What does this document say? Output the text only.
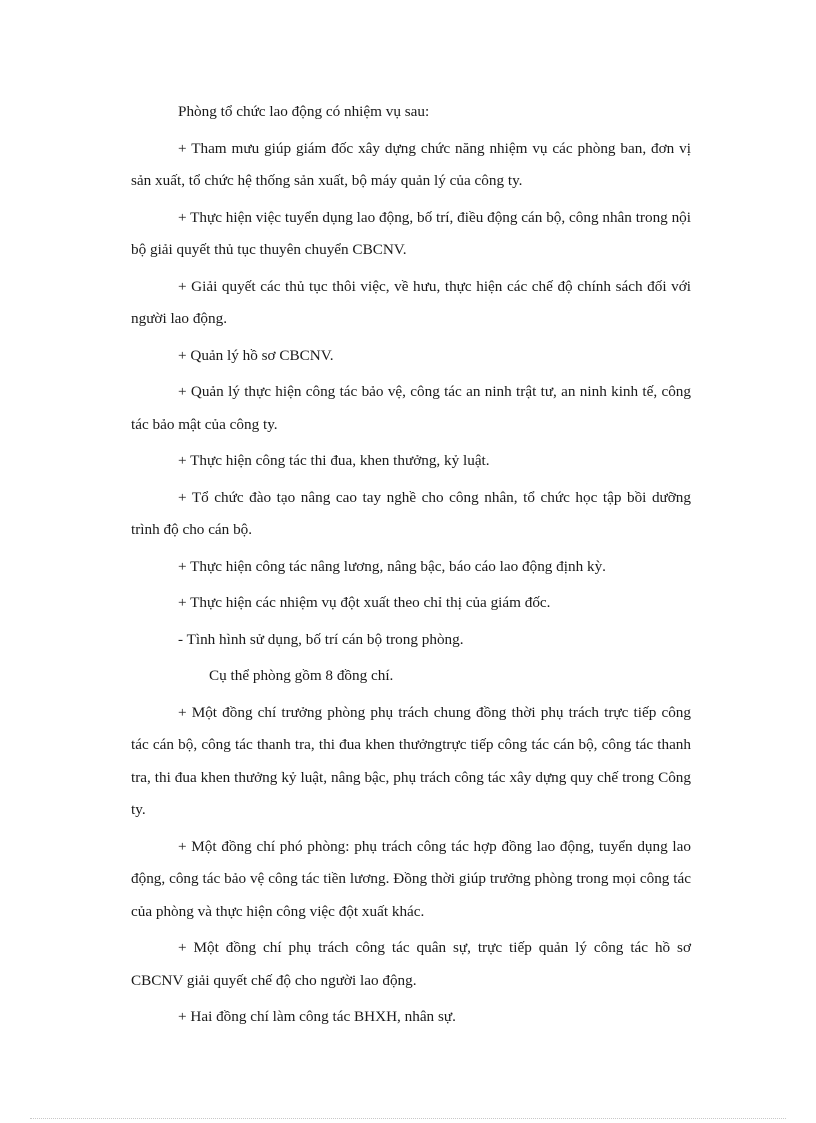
Phòng tổ chức lao động có nhiệm vụ sau:

+ Tham mưu giúp giám đốc xây dựng chức năng nhiệm vụ các phòng ban, đơn vị sản xuất, tổ chức hệ thống sản xuất, bộ máy quản lý của công ty.

+ Thực hiện việc tuyển dụng lao động, bố trí, điều động cán bộ, công nhân trong nội bộ giải quyết thủ tục thuyên chuyển CBCNV.

+ Giải quyết các thủ tục thôi việc, về hưu, thực hiện các chế độ chính sách đối với người lao động.

+ Quản lý hồ sơ CBCNV.

+ Quản lý thực hiện công tác bảo vệ, công tác an ninh trật tư, an ninh kinh tế, công tác bảo mật của công ty.

+ Thực hiện công tác thi đua, khen thưởng, kỷ luật.

+ Tổ chức đào tạo nâng cao tay nghề cho công nhân, tổ chức học tập bồi dưỡng trình độ cho cán bộ.

+ Thực hiện công tác nâng lương, nâng bậc, báo cáo lao động định kỳ.

+ Thực hiện các nhiệm vụ đột xuất theo chỉ thị của giám đốc.

- Tình hình sử dụng, bố trí cán bộ trong phòng.

Cụ thể phòng gồm 8 đồng chí.

+ Một đồng chí trưởng phòng phụ trách chung đồng thời phụ trách trực tiếp công tác cán bộ, công tác thanh tra, thi đua khen thưởngtrực tiếp công tác cán bộ, công tác thanh tra, thi đua khen thưởng kỷ luật, nâng bậc, phụ trách công tác xây dựng quy chế trong Công ty.

+ Một đồng chí phó phòng: phụ trách công tác hợp đồng lao động, tuyển dụng lao động, công tác bảo vệ công tác tiền lương. Đồng thời giúp trưởng phòng trong mọi công tác của phòng và thực hiện công việc đột xuất khác.

+ Một đồng chí phụ trách công tác quân sự, trực tiếp quản lý công tác hồ sơ CBCNV giải quyết chế độ cho người lao động.

+ Hai đồng chí làm công tác BHXH, nhân sự.
